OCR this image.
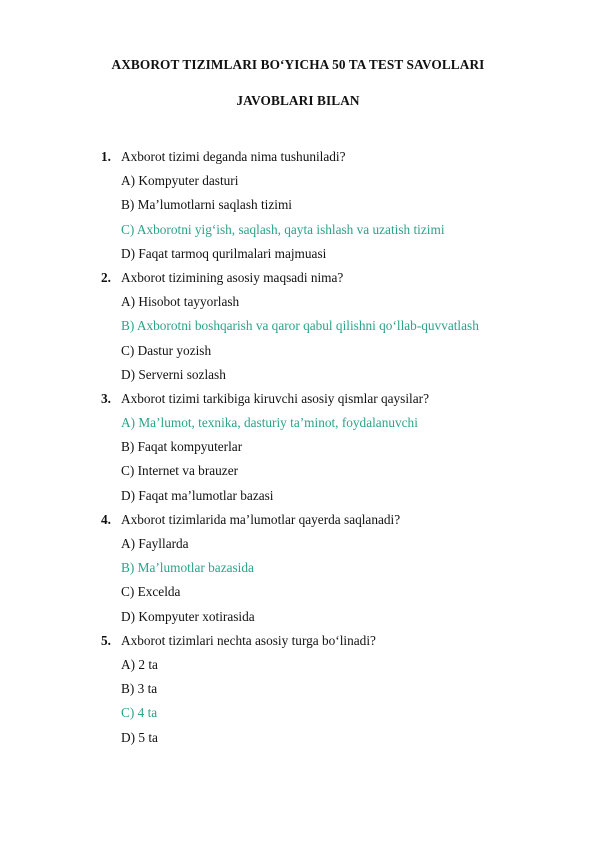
AXBOROT TIZIMLARI BO‘YICHA 50 TA TEST SAVOLLARI
JAVOBLARI BILAN
1. Axborot tizimi deganda nima tushuniladi?
A) Kompyuter dasturi
B) Ma’lumotlarni saqlash tizimi
C) Axborotni yig‘ish, saqlash, qayta ishlash va uzatish tizimi
D) Faqat tarmoq qurilmalari majmuasi
2. Axborot tizimining asosiy maqsadi nima?
A) Hisobot tayyorlash
B) Axborotni boshqarish va qaror qabul qilishni qo‘llab-quvvatlash
C) Dastur yozish
D) Serverni sozlash
3. Axborot tizimi tarkibiga kiruvchi asosiy qismlar qaysilar?
A) Ma’lumot, texnika, dasturiy ta’minot, foydalanuvchi
B) Faqat kompyuterlar
C) Internet va brauzer
D) Faqat ma’lumotlar bazasi
4. Axborot tizimlarida ma’lumotlar qayerda saqlanadi?
A) Fayllarda
B) Ma’lumotlar bazasida
C) Excelda
D) Kompyuter xotirasida
5. Axborot tizimlari nechta asosiy turga bo‘linadi?
A) 2 ta
B) 3 ta
C) 4 ta
D) 5 ta
